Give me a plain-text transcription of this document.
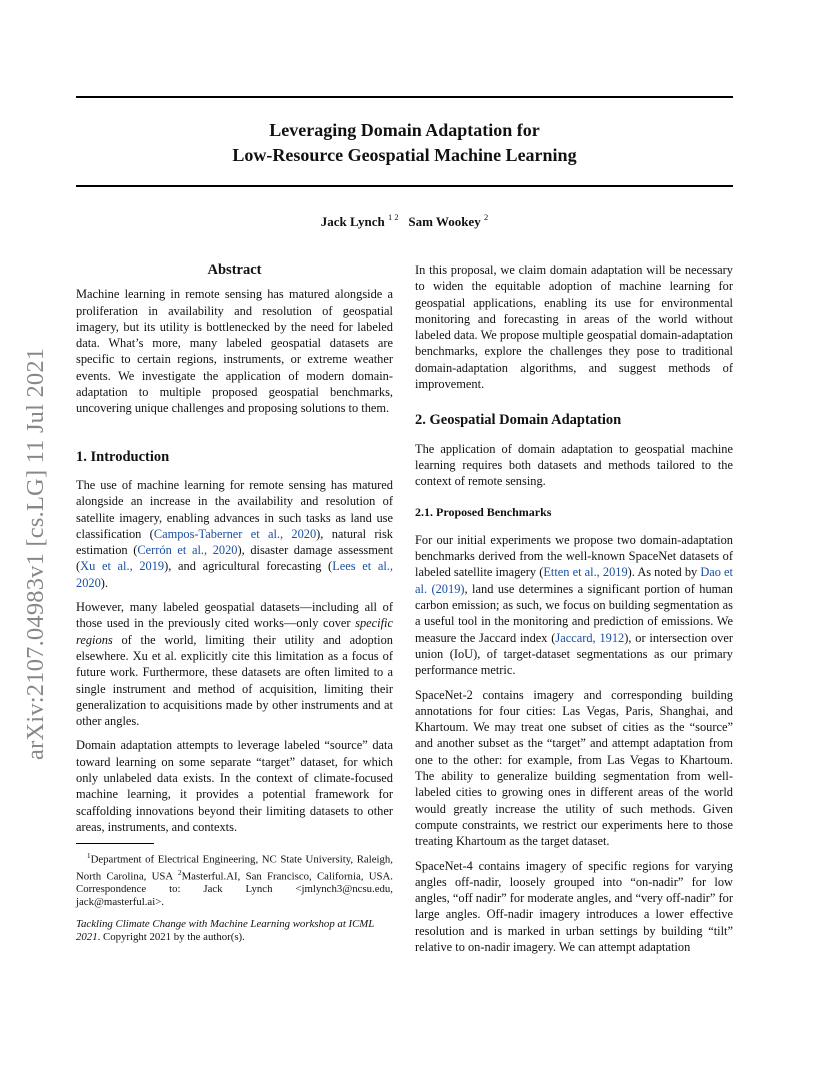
Leveraging Domain Adaptation for
Low-Resource Geospatial Machine Learning
Jack Lynch $^{1 2}$ Sam Wookey $^2$
arXiv:2107.04983v1 [cs.LG] 11 Jul 2021
Abstract

Machine learning in remote sensing has matured alongside a proliferation in availability and resolution of geospatial imagery, but its utility is bottlenecked by the need for labeled data. What’s more, many labeled geospatial datasets are specific to certain regions, instruments, or extreme weather events. We investigate the application of modern domain-adaptation to multiple proposed geospatial benchmarks, uncovering unique challenges and proposing solutions to them.

1. Introduction

The use of machine learning for remote sensing has matured alongside an increase in the availability and resolution of satellite imagery, enabling advances in such tasks as land use classification (Campos-Taberner et al., 2020), natural risk estimation (Cerrón et al., 2020), disaster damage assessment (Xu et al., 2019), and agricultural forecasting (Lees et al., 2020).

However, many labeled geospatial datasets—including all of those used in the previously cited works—only cover specific regions of the world, limiting their utility and adoption elsewhere. Xu et al. explicitly cite this limitation as a focus of future work. Furthermore, these datasets are often limited to a single instrument and method of acquisition, limiting their generalization to acquisitions made by other instruments and at other angles.

Domain adaptation attempts to leverage labeled “source” data toward learning on some separate “target” dataset, for which only unlabeled data exists. In the context of climate-focused machine learning, it provides a potential framework for scaffolding innovations beyond their limiting datasets to other areas, instruments, and contexts.

$^1$Department of Electrical Engineering, NC State University, Raleigh, North Carolina, USA $^2$Masterful.AI, San Francisco, California, USA. Correspondence to: Jack Lynch <jmlynch3@ncsu.edu, jack@masterful.ai>.
Tackling Climate Change with Machine Learning workshop at ICML 2021. Copyright 2021 by the author(s).

In this proposal, we claim domain adaptation will be necessary to widen the equitable adoption of machine learning for geospatial applications, enabling its use for environmental monitoring and forecasting in areas of the world without labeled data. We propose multiple geospatial domain-adaptation benchmarks, explore the challenges they pose to traditional domain-adaptation algorithms, and suggest methods of improvement.

2. Geospatial Domain Adaptation

The application of domain adaptation to geospatial machine learning requires both datasets and methods tailored to the context of remote sensing.

2.1. Proposed Benchmarks

For our initial experiments we propose two domain-adaptation benchmarks derived from the well-known SpaceNet datasets of labeled satellite imagery (Etten et al., 2019). As noted by Dao et al. (2019), land use determines a significant portion of human carbon emission; as such, we focus on building segmentation as a useful tool in the monitoring and prediction of emissions. We measure the Jaccard index (Jaccard, 1912), or intersection over union (IoU), of target-dataset segmentations as our primary performance metric.

SpaceNet-2 contains imagery and corresponding building annotations for four cities: Las Vegas, Paris, Shanghai, and Khartoum. We may treat one subset of cities as the “source” and another subset as the “target” and attempt adaptation from one to the other: for example, from Las Vegas to Khartoum. The ability to generalize building segmentation from well-labeled cities to growing ones in different areas of the world would greatly increase the utility of such methods. Given compute constraints, we restrict our experiments here to those treating Khartoum as the target dataset.

SpaceNet-4 contains imagery of specific regions for varying angles off-nadir, loosely grouped into “on-nadir” for low angles, “off nadir” for moderate angles, and “very off-nadir” for large angles. Off-nadir imagery introduces a lower effective resolution and is marked in urban settings by building “tilt” relative to on-nadir imagery. We can attempt adaptation
